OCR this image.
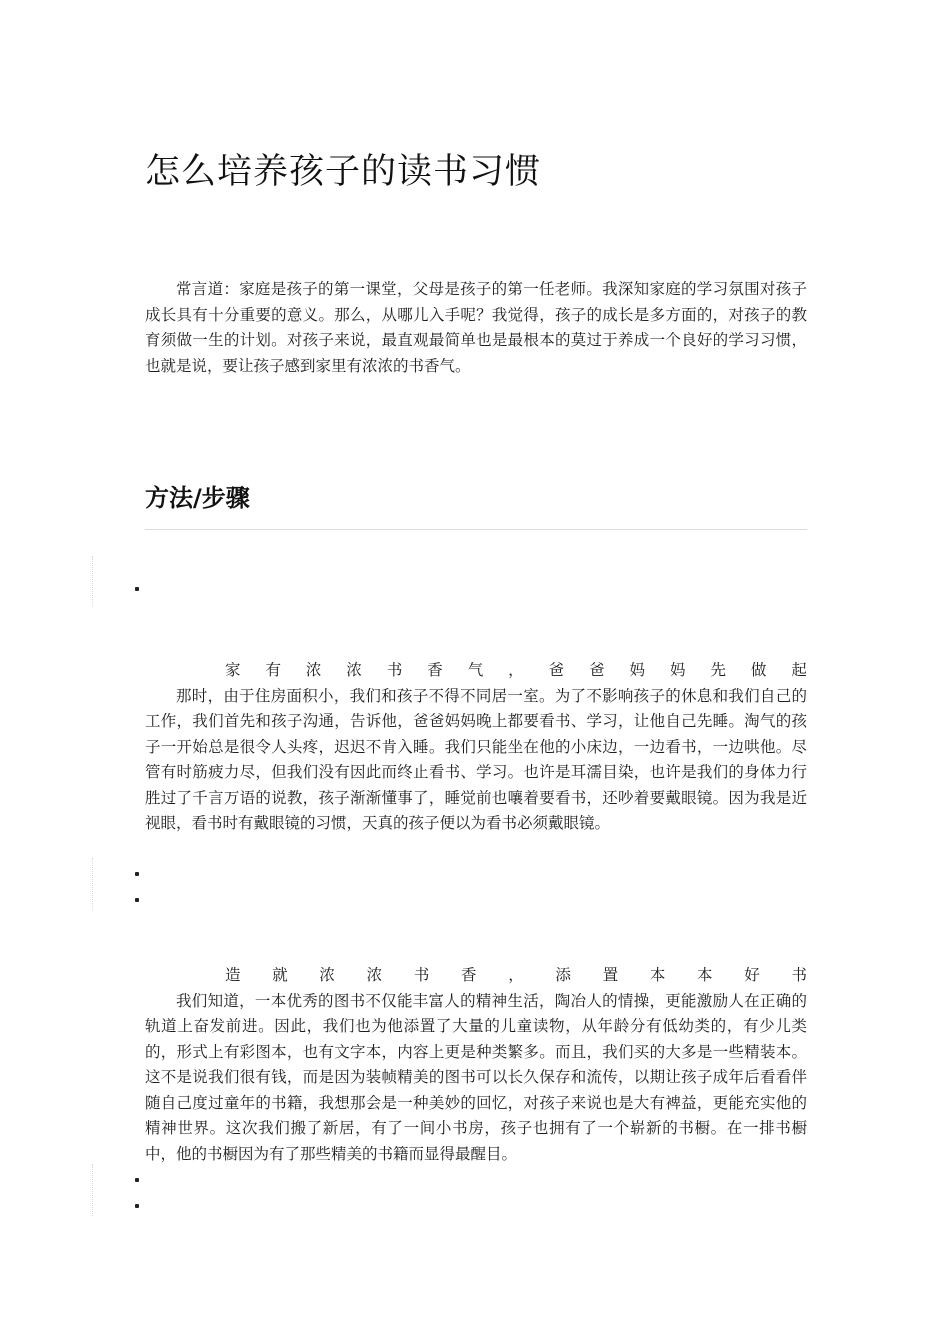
怎么培养孩子的读书习惯

常言道：家庭是孩子的第一课堂，父母是孩子的第一任老师。我深知家庭的学习氛围对孩子成长具有十分重要的意义。那么，从哪儿入手呢？我觉得，孩子的成长是多方面的，对孩子的教育须做一生的计划。对孩子来说，最直观最简单也是最根本的莫过于养成一个良好的学习习惯，也就是说，要让孩子感到家里有浓浓的书香气。

方法/步骤
家 有 浓 浓 书 香 气 ， 爸 爸 妈 妈 先 做 起

那时，由于住房面积小，我们和孩子不得不同居一室。为了不影响孩子的休息和我们自己的工作，我们首先和孩子沟通，告诉他，爸爸妈妈晚上都要看书、学习，让他自己先睡。淘气的孩子一开始总是很令人头疼，迟迟不肯入睡。我们只能坐在他的小床边，一边看书，一边哄他。尽管有时筋疲力尽，但我们没有因此而终止看书、学习。也许是耳濡目染，也许是我们的身体力行胜过了千言万语的说教，孩子渐渐懂事了，睡觉前也嚷着要看书，还吵着要戴眼镜。因为我是近视眼，看书时有戴眼镜的习惯，天真的孩子便以为看书必须戴眼镜。

造 就 浓 浓 书 香 ， 添 置 本 本 好 书

我们知道，一本优秀的图书不仅能丰富人的精神生活，陶冶人的情操，更能激励人在正确的轨道上奋发前进。因此，我们也为他添置了大量的儿童读物，从年龄分有低幼类的，有少儿类的，形式上有彩图本，也有文字本，内容上更是种类繁多。而且，我们买的大多是一些精装本。这不是说我们很有钱，而是因为装帧精美的图书可以长久保存和流传，以期让孩子成年后看看伴随自己度过童年的书籍，我想那会是一种美妙的回忆，对孩子来说也是大有裨益，更能充实他的精神世界。这次我们搬了新居，有了一间小书房，孩子也拥有了一个崭新的书橱。在一排书橱中，他的书橱因为有了那些精美的书籍而显得最醒目。
